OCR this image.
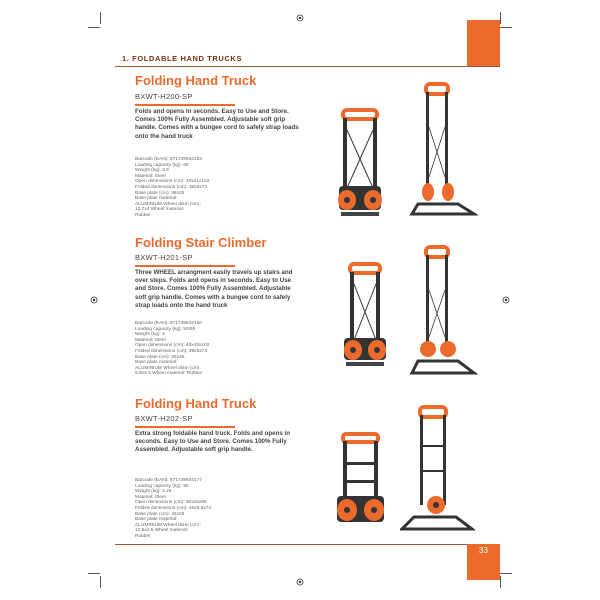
33
1. FOLDABLE HAND TRUCKS
Folding Hand Truck
BXWT-H200-SP
Folds and opens in seconds. Easy to Use and Store. Comes 100% Fully Assembled. Adjustable soft grip handle. Comes with a bungee cord to safely strap loads onto the hand truck
Barcode (EAN): 871749934153
Loading capacity (kg): 68
Weight (kg): 3.9
Material: Steel
Open dimensions (cm): 40x41x102
Folded dimensions (cm): 38x6x73
Base plate (cm): 38x26
Base plate material:
ALUMINIUM Wheel diam (cm):
12.7x4 Wheel material:
Rubber
Folding Stair Climber
BXWT-H201-SP
Three WHEEL arrangment easily travels up stairs and over steps. Folds and opens in seconds. Easy to Use and Store. Comes 100% Fully Assembled. Adjustable soft grip handle. Comes with a bungee cord to safely strap loads onto the hand truck
Barcode (EAN): 871749934160
Loading capacity (kg): 50/65
Weight (kg): 4
Material: Steel
Open dimensions (cm): 40x45x102
Folded dimensions (cm): 39x8x73
Base plate (cm): 39x26
Base plate material:
ALUMINIUM Wheel diam (cm):
5.8x2.5 Wheel material: Rubber
Folding Hand Truck
BXWT-H202-SP
Extra strong foldable hand truck. Folds and opens in seconds. Easy to Use and Store. Comes 100% Fully Assembled. Adjustable soft grip handle.
Barcode (EAN): 871749934177
Loading capacity (kg): 90
Weight (kg): 4.25
Material: Steel
Open dimensions (cm): 50x45x88
Folded dimensions (cm): 46x8.5x73
Base plate (cm): 46x26
Base plate material:
ALUMINIUM Wheel diam (cm):
12.6x4.5 Wheel material:
Rubber
